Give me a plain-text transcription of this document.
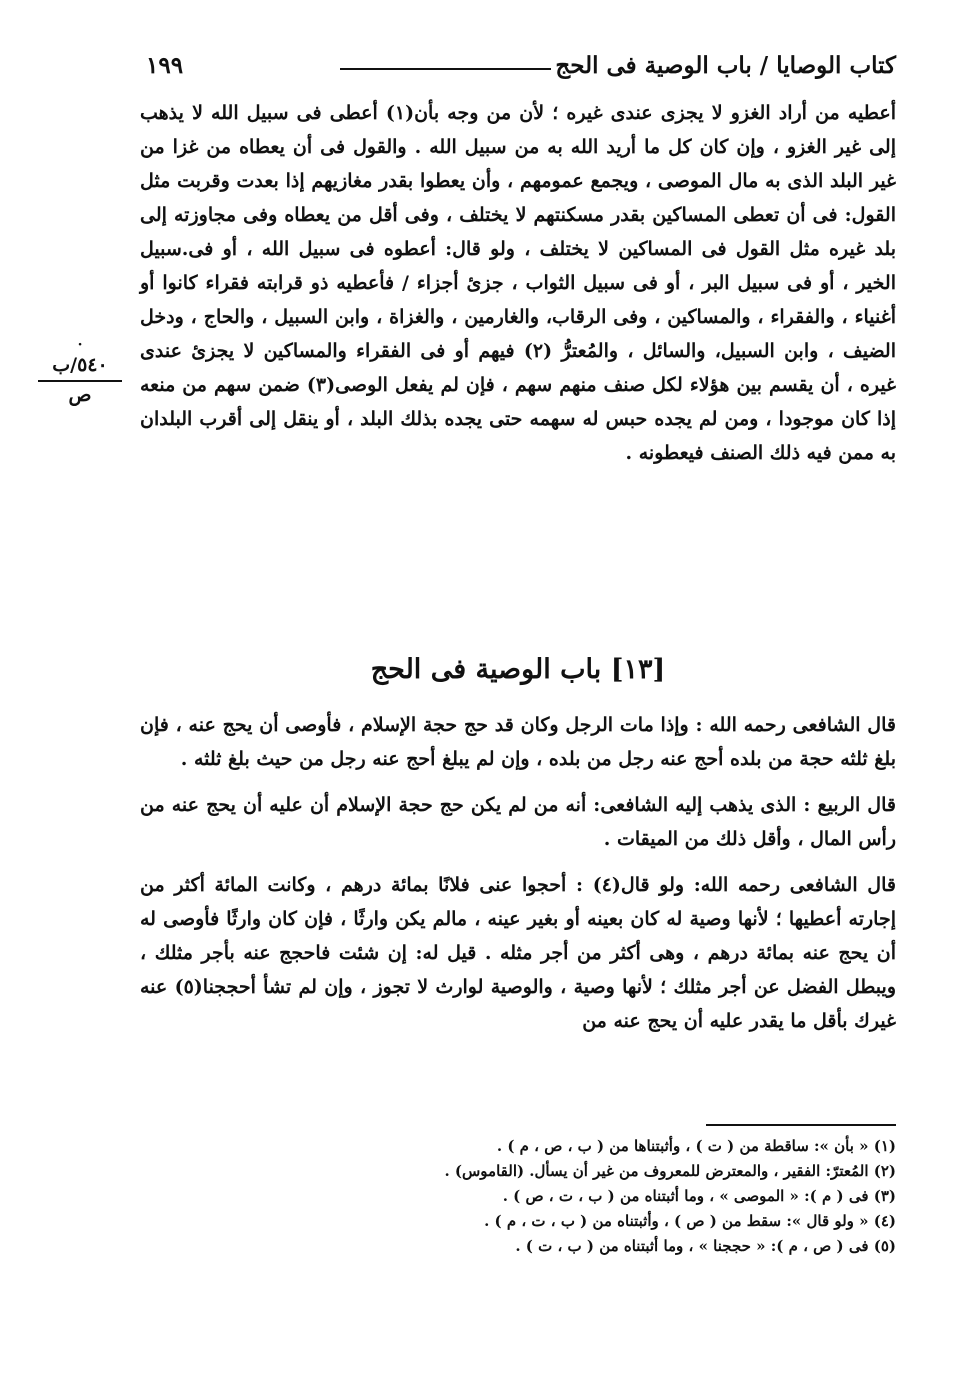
كتاب الوصايا / باب الوصية فى الحج
١٩٩
·
٥٤٠/ب
ص

أعطيه من أراد الغزو لا يجزى عندى غيره ؛ لأن من وجه بأن(١) أعطى فى سبيل الله لا يذهب إلى غير الغزو ، وإن كان كل ما أريد الله به من سبيل الله . والقول فى أن يعطاه من غزا من غير البلد الذى به مال الموصى ، ويجمع عمومهم ، وأن يعطوا بقدر مغازيهم إذا بعدت وقربت مثل القول: فى أن تعطى المساكين بقدر مسكنتهم لا يختلف ، وفى أقل من يعطاه وفى مجاوزته إلى بلد غيره مثل القول فى المساكين لا يختلف ، ولو قال: أعطوه فى سبيل الله ، أو فى.سبيل الخير ، أو فى سبيل البر ، أو فى سبيل الثواب ، جزئ أجزاء / فأعطيه ذو قرابته فقراء كانوا أو أغنياء ، والفقراء ، والمساكين ، وفى الرقاب، والغارمين ، والغزاة ، وابن السبيل ، والحاج ، ودخل الضيف ، وابن السبيل، والسائل ، والمُعترُّ (٢) فيهم أو فى الفقراء والمساكين لا يجزئ عندى غيره ، أن يقسم بين هؤلاء لكل صنف منهم سهم ، فإن لم يفعل الوصى(٣) ضمن سهم من منعه إذا كان موجودا ، ومن لم يجده حبس له سهمه حتى يجده بذلك البلد ، أو ينقل إلى أقرب البلدان به ممن فيه ذلك الصنف فيعطونه .

[١٣] باب الوصية فى الحج

قال الشافعى رحمه الله : وإذا مات الرجل وكان قد حج حجة الإسلام ، فأوصى أن يحج عنه ، فإن بلغ ثلثه حجة من بلده أحج عنه رجل من بلده ، وإن لم يبلغ أحج عنه رجل من حيث بلغ ثلثه .

قال الربيع : الذى يذهب إليه الشافعى: أنه من لم يكن حج حجة الإسلام أن عليه أن يحج عنه من رأس المال ، وأقل ذلك من الميقات .

قال الشافعى رحمه الله: ولو قال(٤) : أحجوا عنى فلانًا بمائة درهم ، وكانت المائة أكثر من إجارته أعطيها ؛ لأنها وصية له كان بعينه أو بغير عينه ، مالم يكن وارثًا ، فإن كان وارثًا فأوصى له أن يحج عنه بمائة درهم ، وهى أكثر من أجر مثله . قيل له: إن شئت فاحجج عنه بأجر مثلك ، ويبطل الفضل عن أجر مثلك ؛ لأنها وصية ، والوصية لوارث لا تجوز ، وإن لم تشأ أحججنا(٥) عنه غيرك بأقل ما يقدر عليه أن يحج عنه من

(١) « بأن »: ساقطة من ( ت ) ، وأثبتناها من ( ب ، ص ، م ) .

(٢) المُعترّ: الفقير ، والمعترض للمعروف من غير أن يسأل. (القاموس) .

(٣) فى ( م ): « الموصى » ، وما أثبتناه من ( ب ، ت ، ص ) .

(٤) « ولو قال »: سقط من ( ص ) ، وأثبتناه من ( ب ، ت ، م ) .

(٥) فى ( ص ، م ): « حججنا » ، وما أثبتناه من ( ب ، ت ) .
